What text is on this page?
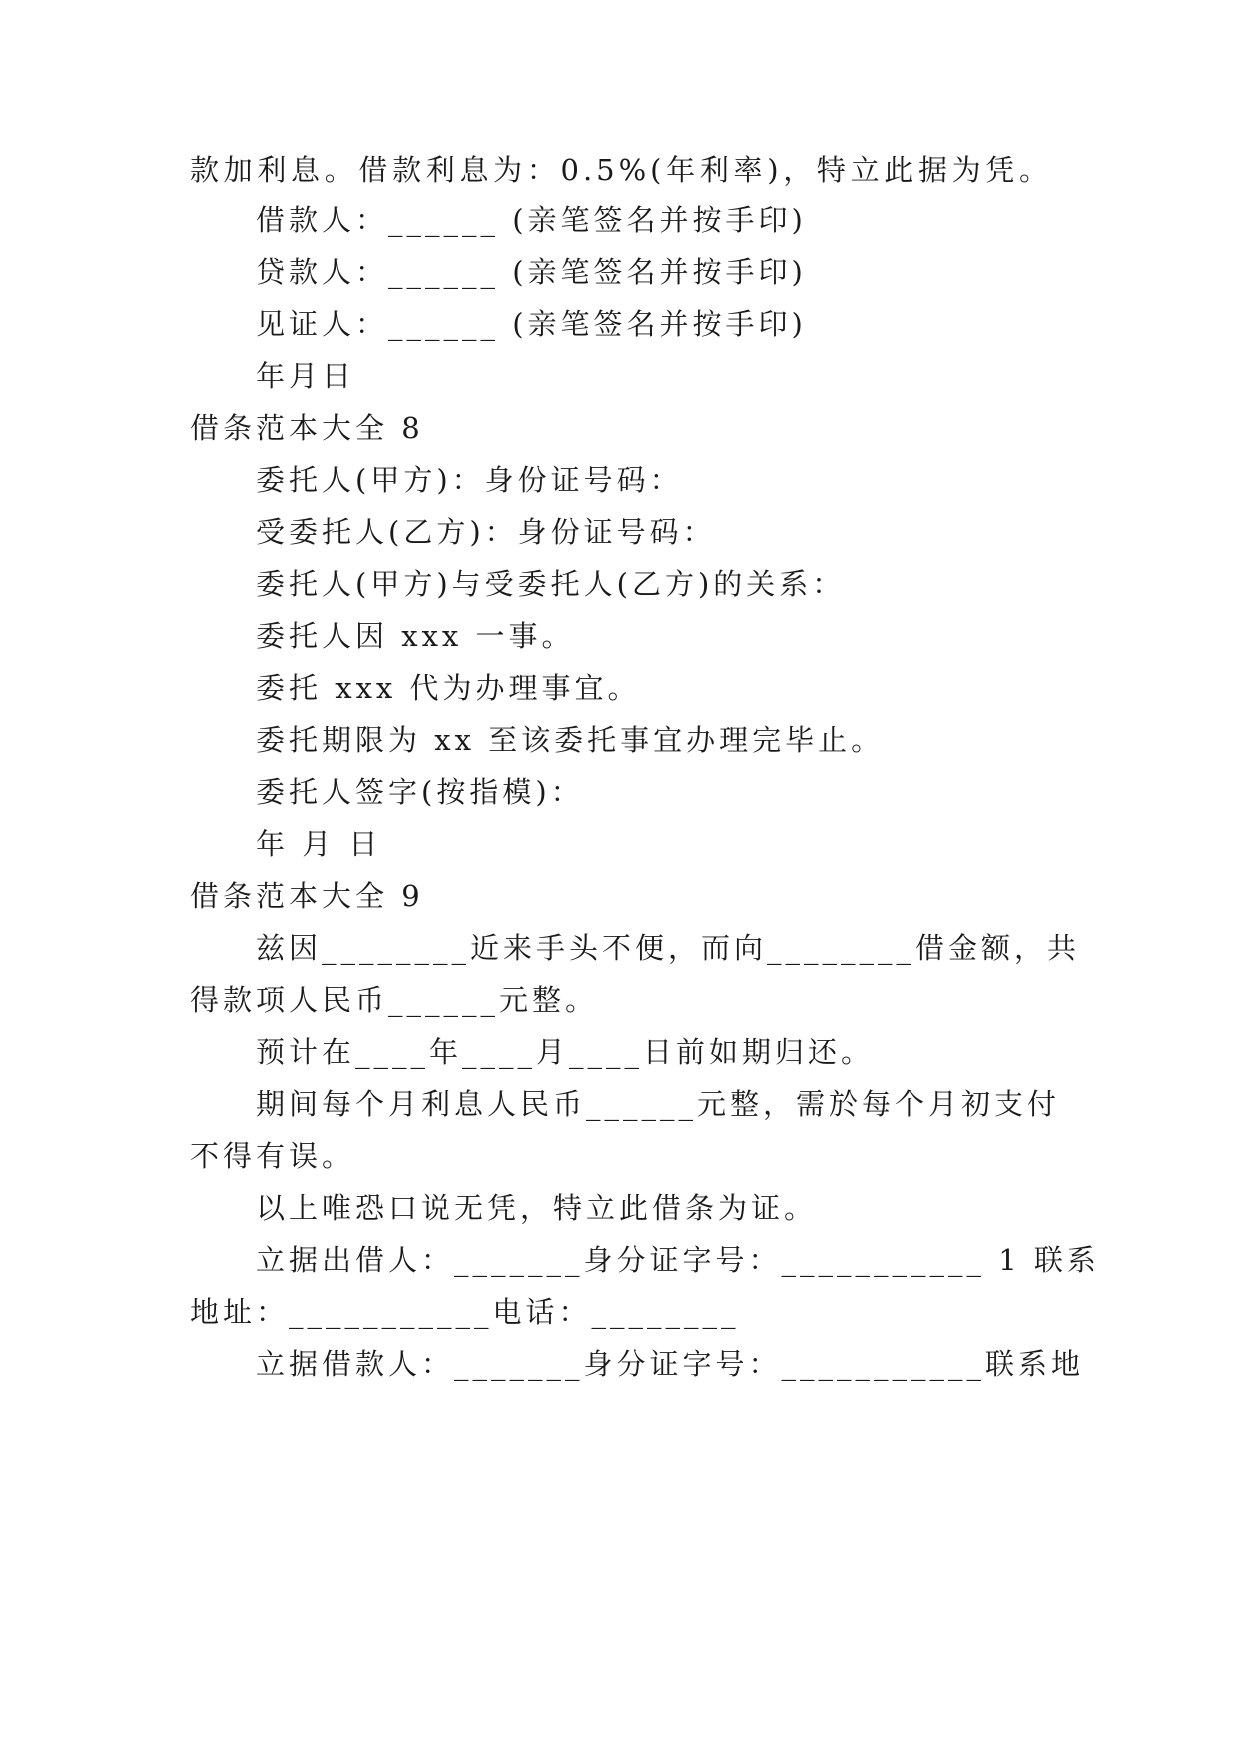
款加利息。借款利息为：0.5%(年利率)，特立此据为凭。
借款人：______ (亲笔签名并按手印)
贷款人：______ (亲笔签名并按手印)
见证人：______ (亲笔签名并按手印)
年月日
借条范本大全 8
委托人(甲方)：身份证号码：
受委托人(乙方)：身份证号码：
委托人(甲方)与受委托人(乙方)的关系：
委托人因 xxx 一事。
委托 xxx 代为办理事宜。
委托期限为 xx 至该委托事宜办理完毕止。
委托人签字(按指模)：
年 月 日
借条范本大全 9
兹因________近来手头不便，而向________借金额，共
得款项人民币______元整。
预计在____年____月____日前如期归还。
期间每个月利息人民币______元整，需於每个月初支付
不得有误。
以上唯恐口说无凭，特立此借条为证。
立据出借人：_______身分证字号：___________ 1 联系
地址：___________电话：________
立据借款人：_______身分证字号：___________联系地
